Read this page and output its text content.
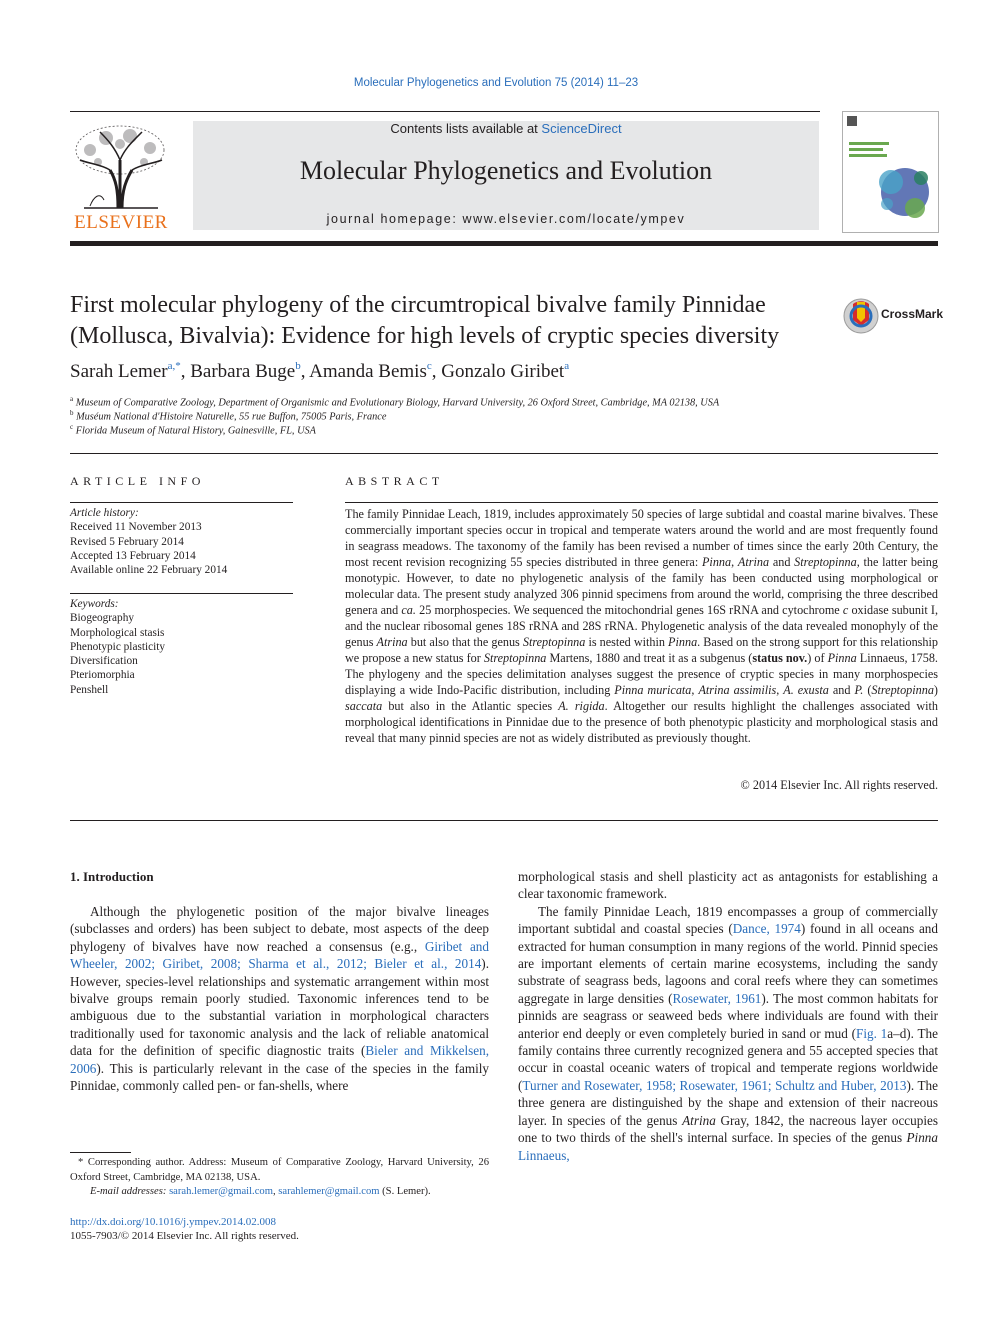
Molecular Phylogenetics and Evolution 75 (2014) 11–23
ELSEVIER
Contents lists available at ScienceDirect
Molecular Phylogenetics and Evolution
journal homepage: www.elsevier.com/locate/ympev
First molecular phylogeny of the circumtropical bivalve family Pinnidae
(Mollusca, Bivalvia): Evidence for high levels of cryptic species diversity
CrossMark
Sarah Lemer$^{a,*}$, Barbara Buge$^b$, Amanda Bemis$^c$, Gonzalo Giribet$^a$
$^a$ Museum of Comparative Zoology, Department of Organismic and Evolutionary Biology, Harvard University, 26 Oxford Street, Cambridge, MA 02138, USA
$^b$ Muséum National d'Histoire Naturelle, 55 rue Buffon, 75005 Paris, France
$^c$ Florida Museum of Natural History, Gainesville, FL, USA
ARTICLE INFO	ABSTRACT
Article history:
Received 11 November 2013
Revised 5 February 2014
Accepted 13 February 2014
Available online 22 February 2014
Keywords:
Biogeography
Morphological stasis
Phenotypic plasticity
Diversification
Pteriomorphia
Penshell
The family Pinnidae Leach, 1819, includes approximately 50 species of large subtidal and coastal marine bivalves. These commercially important species occur in tropical and temperate waters around the world and are most frequently found in seagrass meadows. The taxonomy of the family has been revised a number of times since the early 20th Century, the most recent revision recognizing 55 species distributed in three genera: Pinna, Atrina and Streptopinna, the latter being monotypic. However, to date no phylogenetic analysis of the family has been conducted using morphological or molecular data. The present study analyzed 306 pinnid specimens from around the world, comprising the three described genera and ca. 25 morphospecies. We sequenced the mitochondrial genes 16S rRNA and cytochrome c oxidase subunit I, and the nuclear ribosomal genes 18S rRNA and 28S rRNA. Phylogenetic analysis of the data revealed monophyly of the genus Atrina but also that the genus Streptopinna is nested within Pinna. Based on the strong support for this relationship we propose a new status for Streptopinna Martens, 1880 and treat it as a subgenus (status nov.) of Pinna Linnaeus, 1758. The phylogeny and the species delimitation analyses suggest the presence of cryptic species in many morphospecies displaying a wide Indo-Pacific distribution, including Pinna muricata, Atrina assimilis, A. exusta and P. (Streptopinna) saccata but also in the Atlantic species A. rigida. Altogether our results highlight the challenges associated with morphological identifications in Pinnidae due to the presence of both phenotypic plasticity and morphological stasis and reveal that many pinnid species are not as widely distributed as previously thought.
© 2014 Elsevier Inc. All rights reserved.
1. Introduction

Although the phylogenetic position of the major bivalve lineages (subclasses and orders) has been subject to debate, most aspects of the deep phylogeny of bivalves have now reached a consensus (e.g., Giribet and Wheeler, 2002; Giribet, 2008; Sharma et al., 2012; Bieler et al., 2014). However, species-level relationships and systematic arrangement within most bivalve groups remain poorly studied. Taxonomic inferences tend to be ambiguous due to the substantial variation in morphological characters traditionally used for taxonomic analysis and the lack of reliable anatomical data for the definition of specific diagnostic traits (Bieler and Mikkelsen, 2006). This is particularly relevant in the case of the species in the family Pinnidae, commonly called pen- or fan-shells, where

morphological stasis and shell plasticity act as antagonists for establishing a clear taxonomic framework.

The family Pinnidae Leach, 1819 encompasses a group of commercially important subtidal and coastal species (Dance, 1974) found in all oceans and extracted for human consumption in many regions of the world. Pinnid species are important elements of certain marine ecosystems, including the sandy substrate of seagrass beds, lagoons and coral reefs where they can sometimes aggregate in large densities (Rosewater, 1961). The most common habitats for pinnids are seagrass or seaweed beds where individuals are found with their anterior end deeply or even completely buried in sand or mud (Fig. 1a–d). The family contains three currently recognized genera and 55 accepted species that occur in coastal oceanic waters of tropical and temperate regions worldwide (Turner and Rosewater, 1958; Rosewater, 1961; Schultz and Huber, 2013). The three genera are distinguished by the shape and extension of their nacreous layer. In species of the genus Atrina Gray, 1842, the nacreous layer occupies one to two thirds of the shell's internal surface. In species of the genus Pinna Linnaeus,

* Corresponding author. Address: Museum of Comparative Zoology, Harvard University, 26 Oxford Street, Cambridge, MA 02138, USA.
E-mail addresses: sarah.lemer@gmail.com, sarahlemer@gmail.com (S. Lemer).
http://dx.doi.org/10.1016/j.ympev.2014.02.008
1055-7903/© 2014 Elsevier Inc. All rights reserved.
